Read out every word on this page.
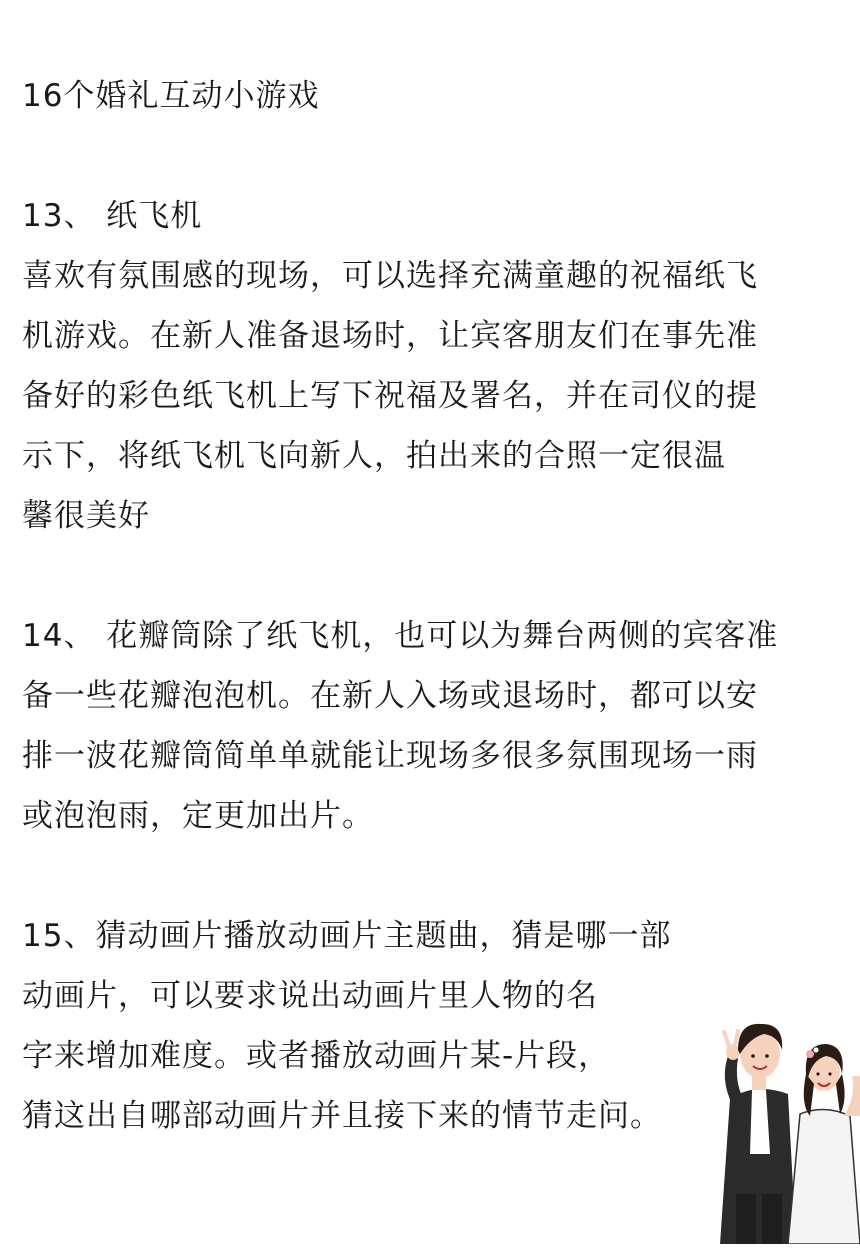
16个婚礼互动小游戏
13、 纸飞机
喜欢有氛围感的现场，可以选择充满童趣的祝福纸飞
机游戏。在新人准备退场时，让宾客朋友们在事先准
备好的彩色纸飞机上写下祝福及署名，并在司仪的提
示下，将纸飞机飞向新人，拍出来的合照一定很温
馨很美好
14、 花瓣筒除了纸飞机，也可以为舞台两侧的宾客准
备一些花瓣泡泡机。在新人入场或退场时，都可以安
排一波花瓣筒简单单就能让现场多很多氛围现场一雨
或泡泡雨，定更加出片。
15、猜动画片播放动画片主题曲，猜是哪一部
动画片，可以要求说出动画片里人物的名
字来增加难度。或者播放动画片某-片段，
猜这出自哪部动画片并且接下来的情节走问。
